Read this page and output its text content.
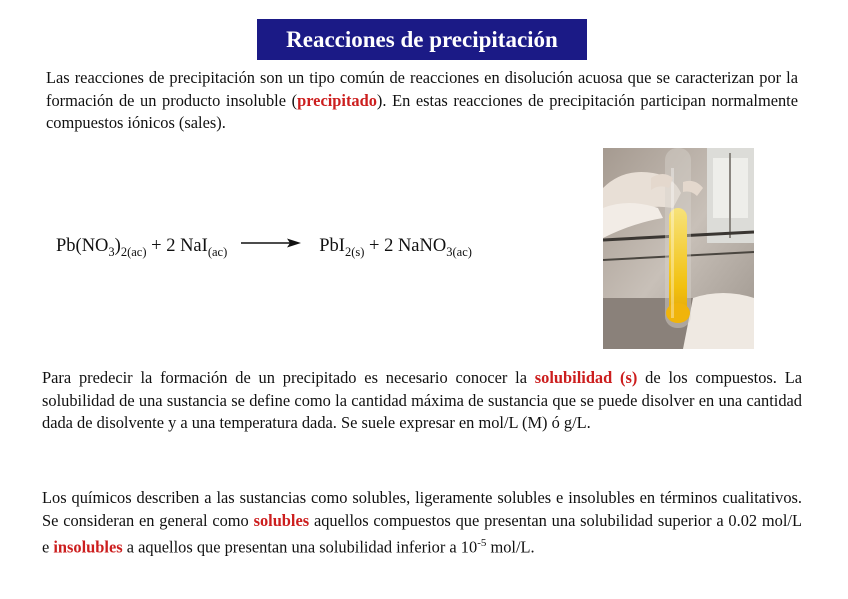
Reacciones de precipitación
Las reacciones de precipitación son un tipo común de reacciones en disolución acuosa que se caracterizan por la formación de un producto insoluble (precipitado). En estas reacciones de precipitación participan normalmente compuestos iónicos (sales).
$Pb(NO_3)_{2(ac)} + 2$ NaI$_{(ac)}$ → PbI$_{2(s)}$ + 2 NaNO$_{3(ac)}$
Para predecir la formación de un precipitado es necesario conocer la solubilidad (s) de los compuestos. La solubilidad de una sustancia se define como la cantidad máxima de sustancia que se puede disolver en una cantidad dada de disolvente y a una temperatura dada. Se suele expresar en mol/L (M) ó g/L.
Los químicos describen a las sustancias como solubles, ligeramente solubles e insolubles en términos cualitativos. Se consideran en general como solubles aquellos compuestos que presentan una solubilidad superior a 0.02 mol/L e insolubles a aquellos que presentan una solubilidad inferior a $10^{-5}$ mol/L.
